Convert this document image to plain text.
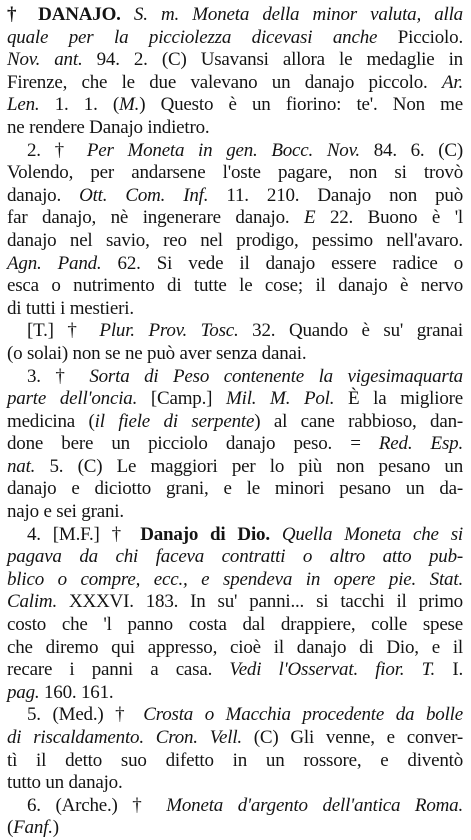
† DANAJO. S. m. Moneta della minor valuta, alla
quale per la picciolezza dicevasi anche Picciolo.
Nov. ant. 94. 2. (C) Usavansi allora le medaglie in
Firenze, che le due valevano un danajo piccolo. Ar.
Len. 1. 1. (M.) Questo è un fiorino: te'. Non me
ne rendere Danajo indietro.
2. † Per Moneta in gen. Bocc. Nov. 84. 6. (C)
Volendo, per andarsene l'oste pagare, non si trovò
danajo. Ott. Com. Inf. 11. 210. Danajo non può
far danajo, nè ingenerare danajo. E 22. Buono è 'l
danajo nel savio, reo nel prodigo, pessimo nell'avaro.
Agn. Pand. 62. Si vede il danajo essere radice o
esca o nutrimento di tutte le cose; il danajo è nervo
di tutti i mestieri.
[T.] † Plur. Prov. Tosc. 32. Quando è su' granai
(o solai) non se ne può aver senza danai.
3. † Sorta di Peso contenente la vigesimaquarta
parte dell'oncia. [Camp.] Mil. M. Pol. È la migliore
medicina (il fiele di serpente) al cane rabbioso, dan-
done bere un picciolo danajo peso. = Red. Esp.
nat. 5. (C) Le maggiori per lo più non pesano un
danajo e diciotto grani, e le minori pesano un da-
najo e sei grani.
4. [M.F.] † Danajo di Dio. Quella Moneta che si
pagava da chi faceva contratti o altro atto pub-
blico o compre, ecc., e spendeva in opere pie. Stat.
Calim. XXXVI. 183. In su' panni... si tacchi il primo
costo che 'l panno costa dal drappiere, colle spese
che diremo qui appresso, cioè il danajo di Dio, e il
recare i panni a casa. Vedi l'Osservat. fior. T. I.
pag. 160. 161.
5. (Med.) † Crosta o Macchia procedente da bolle
di riscaldamento. Cron. Vell. (C) Gli venne, e conver-
tì il detto suo difetto in un rossore, e diventò
tutto un danajo.
6. (Arche.) † Moneta d'argento dell'antica Roma.
(Fanf.)
